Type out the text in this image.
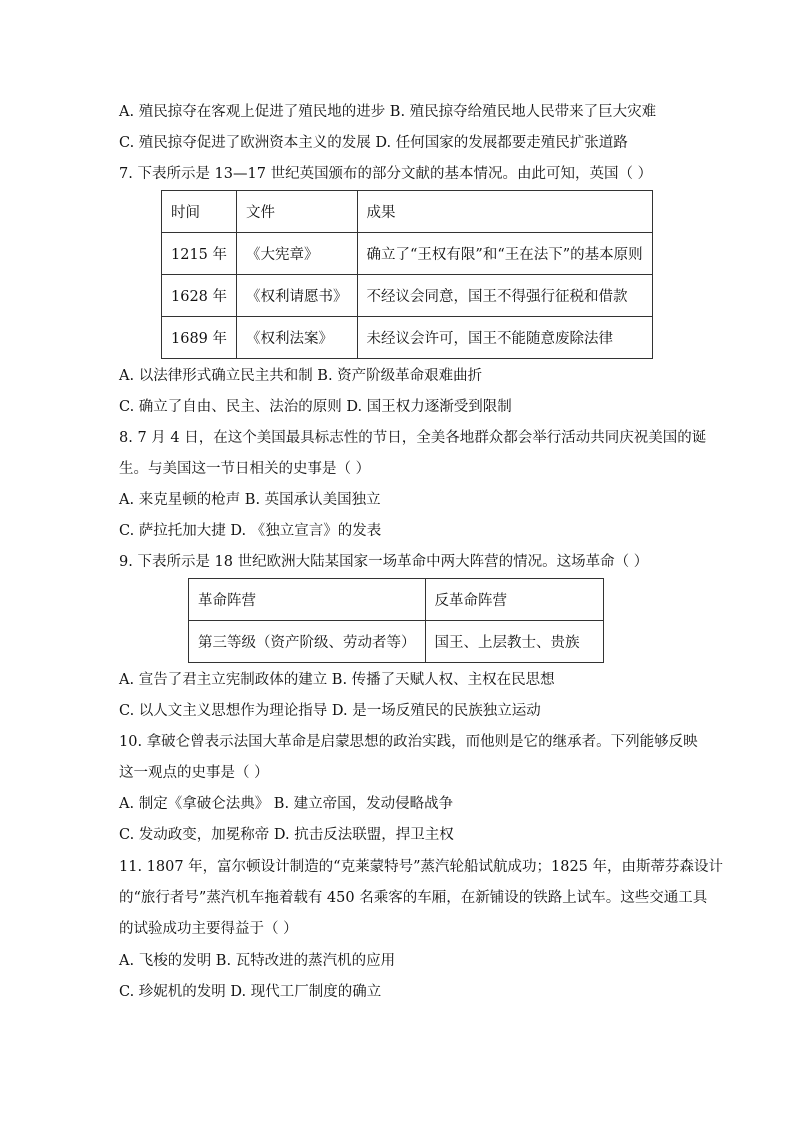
A. 殖民掠夺在客观上促进了殖民地的进步 B. 殖民掠夺给殖民地人民带来了巨大灾难
C. 殖民掠夺促进了欧洲资本主义的发展 D. 任何国家的发展都要走殖民扩张道路
7. 下表所示是 13—17 世纪英国颁布的部分文献的基本情况。由此可知，英国（ ）
时间	文件	成果
1215 年	《大宪章》	确立了“王权有限”和“王在法下”的基本原则
1628 年	《权利请愿书》	不经议会同意，国王不得强行征税和借款
1689 年	《权利法案》	未经议会许可，国王不能随意废除法律
A. 以法律形式确立民主共和制 B. 资产阶级革命艰难曲折
C. 确立了自由、民主、法治的原则 D. 国王权力逐渐受到限制
8. 7 月 4 日，在这个美国最具标志性的节日，全美各地群众都会举行活动共同庆祝美国的诞
生。与美国这一节日相关的史事是（ ）
A. 来克星顿的枪声 B. 英国承认美国独立
C. 萨拉托加大捷 D. 《独立宣言》的发表
9. 下表所示是 18 世纪欧洲大陆某国家一场革命中两大阵营的情况。这场革命（ ）
革命阵营	反革命阵营
第三等级（资产阶级、劳动者等）	国王、上层教士、贵族
A. 宣告了君主立宪制政体的建立 B. 传播了天赋人权、主权在民思想
C. 以人文主义思想作为理论指导 D. 是一场反殖民的民族独立运动
10. 拿破仑曾表示法国大革命是启蒙思想的政治实践，而他则是它的继承者。下列能够反映
这一观点的史事是（ ）
A. 制定《拿破仑法典》 B. 建立帝国，发动侵略战争
C. 发动政变，加冕称帝 D. 抗击反法联盟，捍卫主权
11. 1807 年，富尔顿设计制造的“克莱蒙特号”蒸汽轮船试航成功；1825 年，由斯蒂芬森设计
的“旅行者号”蒸汽机车拖着载有 450 名乘客的车厢，在新铺设的铁路上试车。这些交通工具
的试验成功主要得益于（ ）
A. 飞梭的发明 B. 瓦特改进的蒸汽机的应用
C. 珍妮机的发明 D. 现代工厂制度的确立
